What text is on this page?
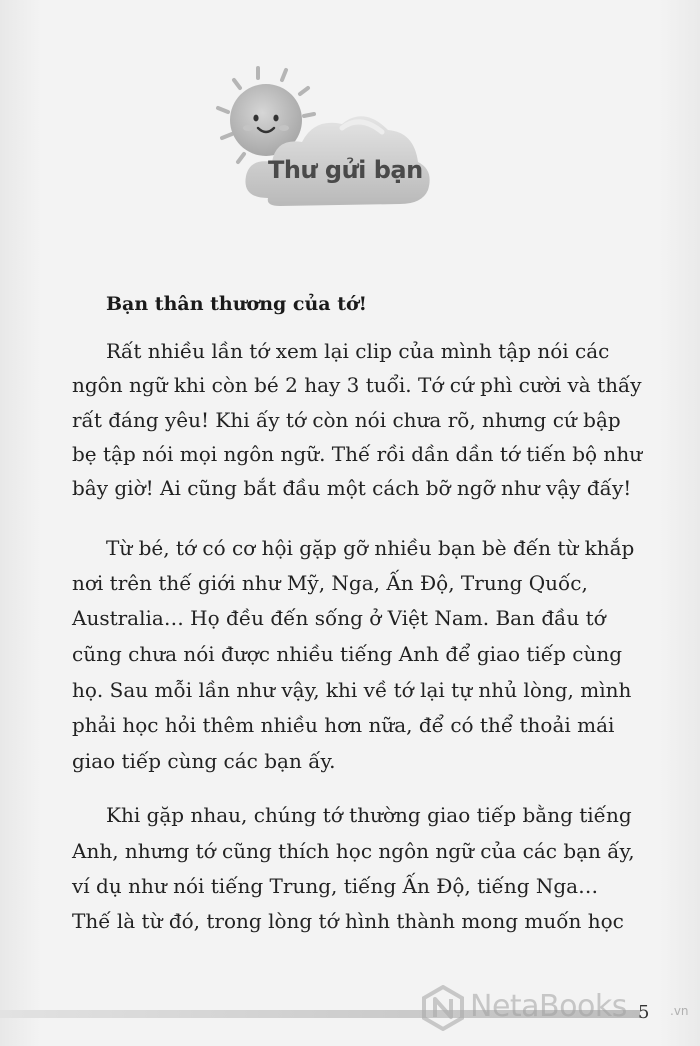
Thư gửi bạn
Bạn thân thương của tớ!
Rất nhiều lần tớ xem lại clip của mình tập nói các
ngôn ngữ khi còn bé 2 hay 3 tuổi. Tớ cứ phì cười và thấy
rất đáng yêu! Khi ấy tớ còn nói chưa rõ, nhưng cứ bập
bẹ tập nói mọi ngôn ngữ. Thế rồi dần dần tớ tiến bộ như
bây giờ! Ai cũng bắt đầu một cách bỡ ngỡ như vậy đấy!
Từ bé, tớ có cơ hội gặp gỡ nhiều bạn bè đến từ khắp
nơi trên thế giới như Mỹ, Nga, Ấn Độ, Trung Quốc,
Australia… Họ đều đến sống ở Việt Nam. Ban đầu tớ
cũng chưa nói được nhiều tiếng Anh để giao tiếp cùng
họ. Sau mỗi lần như vậy, khi về tớ lại tự nhủ lòng, mình
phải học hỏi thêm nhiều hơn nữa, để có thể thoải mái
giao tiếp cùng các bạn ấy.
Khi gặp nhau, chúng tớ thường giao tiếp bằng tiếng
Anh, nhưng tớ cũng thích học ngôn ngữ của các bạn ấy,
ví dụ như nói tiếng Trung, tiếng Ấn Độ, tiếng Nga…
Thế là từ đó, trong lòng tớ hình thành mong muốn học
NetaBooks	.vn
5
